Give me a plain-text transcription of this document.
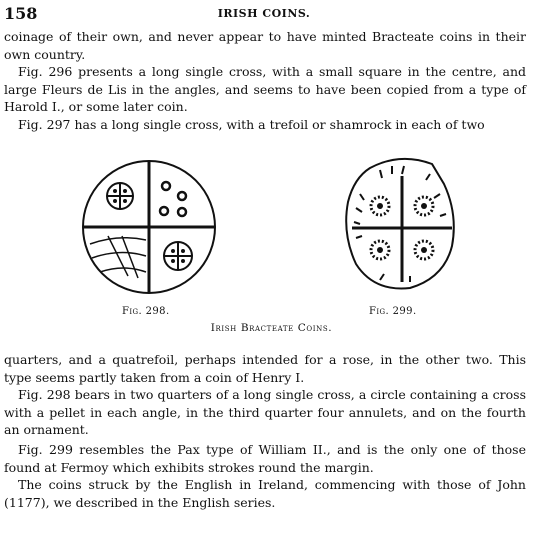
158	IRISH COINS.

coinage of their own, and never appear to have minted Bracteate coins in their own country.

Fig. 296 presents a long single cross, with a small square in the centre, and large Fleurs de Lis in the angles, and seems to have been copied from a type of Harold I., or some later coin.

Fig. 297 has a long single cross, with a trefoil or shamrock in each of two

Fig. 298.	Fig. 299.
Irish Bracteate Coins.

quarters, and a quatrefoil, perhaps intended for a rose, in the other two. This type seems partly taken from a coin of Henry I.

Fig. 298 bears in two quarters of a long single cross, a circle containing a cross with a pellet in each angle, in the third quarter four annulets, and on the fourth an ornament.

Fig. 299 resembles the Pax type of William II., and is the only one of those found at Fermoy which exhibits strokes round the margin.

The coins struck by the English in Ireland, commencing with those of John (1177), we described in the English series.
